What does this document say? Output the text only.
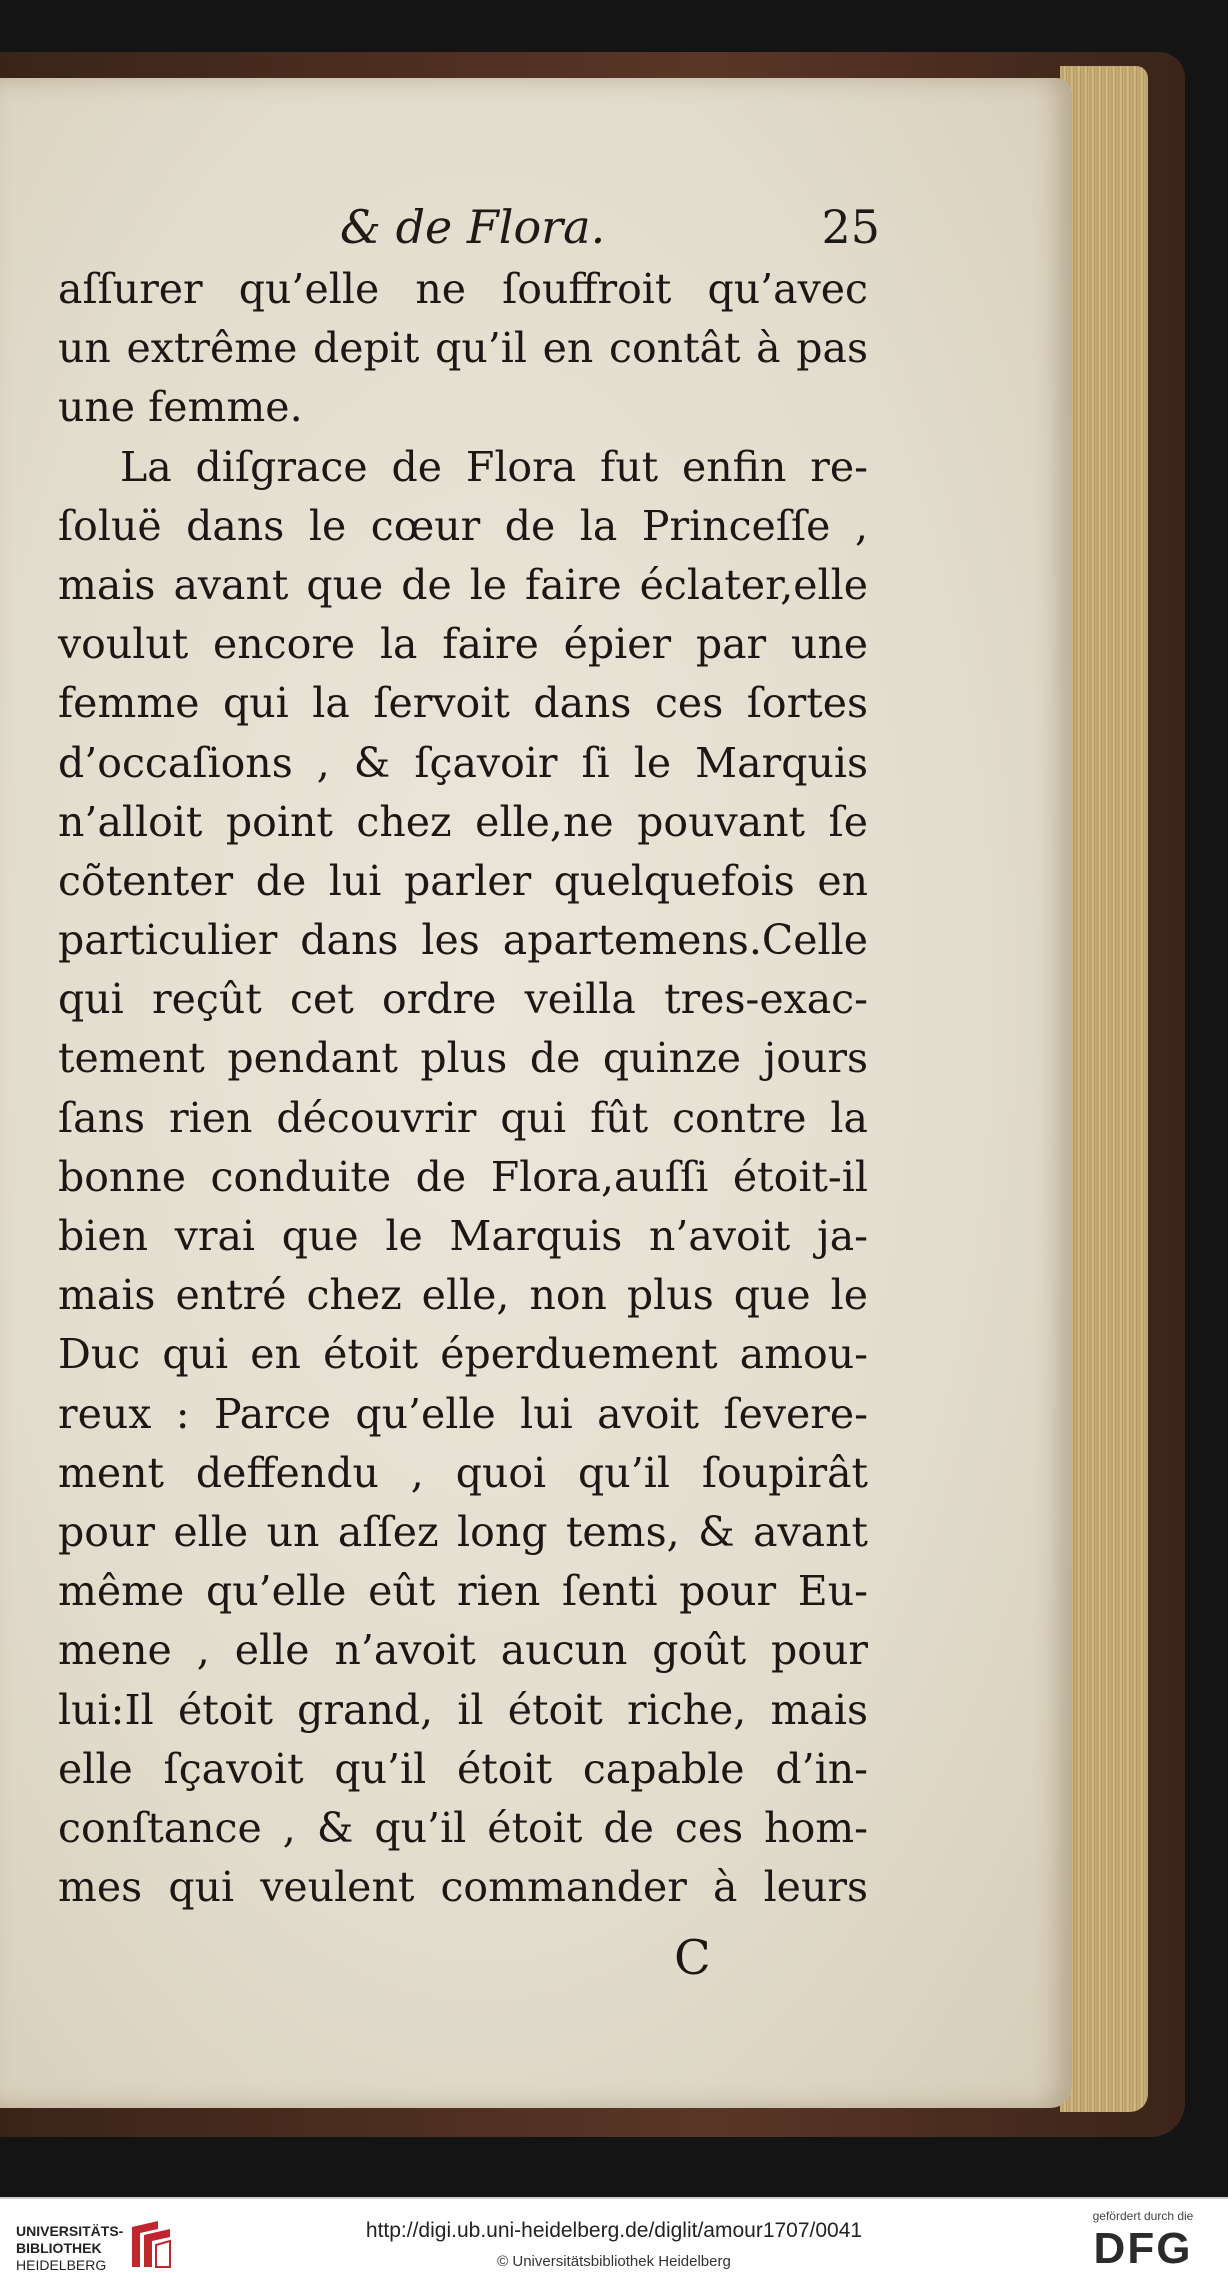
& de Flora.	25
aſſurer qu’elle ne ſouffroit qu’avec
un extrême depit qu’il en contât à pas
une femme.
La diſgrace de Flora fut enfin re-
ſoluë dans le cœur de la Princeſſe ,
mais avant que de le faire éclater,elle
voulut encore la faire épier par une
femme qui la ſervoit dans ces ſortes
d’occaſions , & ſçavoir ſi le Marquis
n’alloit point chez elle,ne pouvant ſe
cõtenter de lui parler quelquefois en
particulier dans les apartemens.Celle
qui reçût cet ordre veilla tres-exac-
tement pendant plus de quinze jours
ſans rien découvrir qui fût contre la
bonne conduite de Flora,auſſi étoit-il
bien vrai que le Marquis n’avoit ja-
mais entré chez elle, non plus que le
Duc qui en étoit éperduement amou-
reux : Parce qu’elle lui avoit ſevere-
ment deffendu , quoi qu’il ſoupirât
pour elle un aſſez long tems, & avant
même qu’elle eût rien ſenti pour Eu-
mene , elle n’avoit aucun goût pour
lui:Il étoit grand, il étoit riche, mais
elle ſçavoit qu’il étoit capable d’in-
conſtance , & qu’il étoit de ces hom-
mes qui veulent commander à leurs
C
UNIVERSITÄTS-
BIBLIOTHEK
HEIDELBERG
http://digi.ub.uni-heidelberg.de/diglit/amour1707/0041
© Universitätsbibliothek Heidelberg
gefördert durch die
DFG
